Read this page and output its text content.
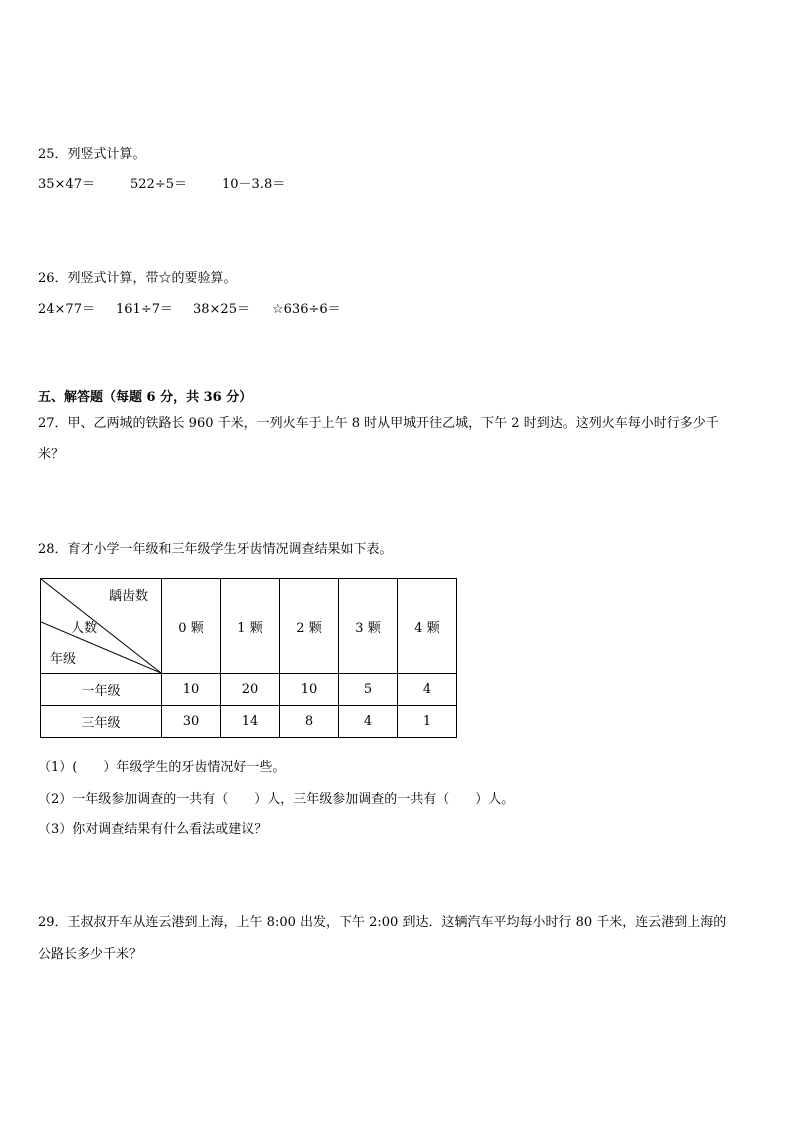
25．列竖式计算。
35×47＝	522÷5＝	10－3.8＝
26．列竖式计算，带☆的要验算。
24×77＝ 161÷7＝ 38×25＝ ☆636÷6＝
五、解答题（每题 6 分，共 36 分）
27．甲、乙两城的铁路长 960 千米，一列火车于上午 8 时从甲城开往乙城，下午 2 时到达。这列火车每小时行多少千
米？
28．育才小学一年级和三年级学生牙齿情况调查结果如下表。
龋齿数
人数
年级	0 颗	1 颗	2 颗	3 颗	4 颗
一年级	10	20	10	5	4
三年级	30	14	8	4	1
（1）(　　）年级学生的牙齿情况好一些。
（2）一年级参加调查的一共有（　　）人，三年级参加调查的一共有（　　）人。
（3）你对调查结果有什么看法或建议？
29．王叔叔开车从连云港到上海，上午 8:00 出发，下午 2:00 到达．这辆汽车平均每小时行 80 千米，连云港到上海的
公路长多少千米？
